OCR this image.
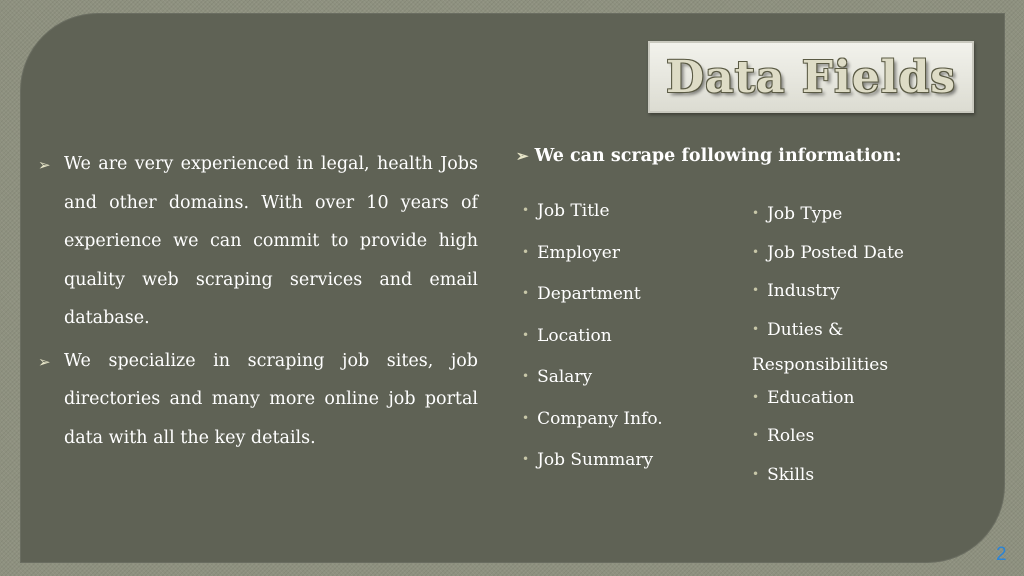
Data Fields
➢ We are very experienced in legal, health Jobs and other domains. With over 10 years of experience we can commit to provide high quality web scraping services and email database.
➢ We specialize in scraping job sites, job directories and many more online job portal data with all the key details.
➢ We can scrape following information:
• Job Title
• Employer
• Department
• Location
• Salary
• Company Info.
• Job Summary
• Job Type
• Job Posted Date
• Industry
• Duties & Responsibilities
• Education
• Roles
• Skills
2
